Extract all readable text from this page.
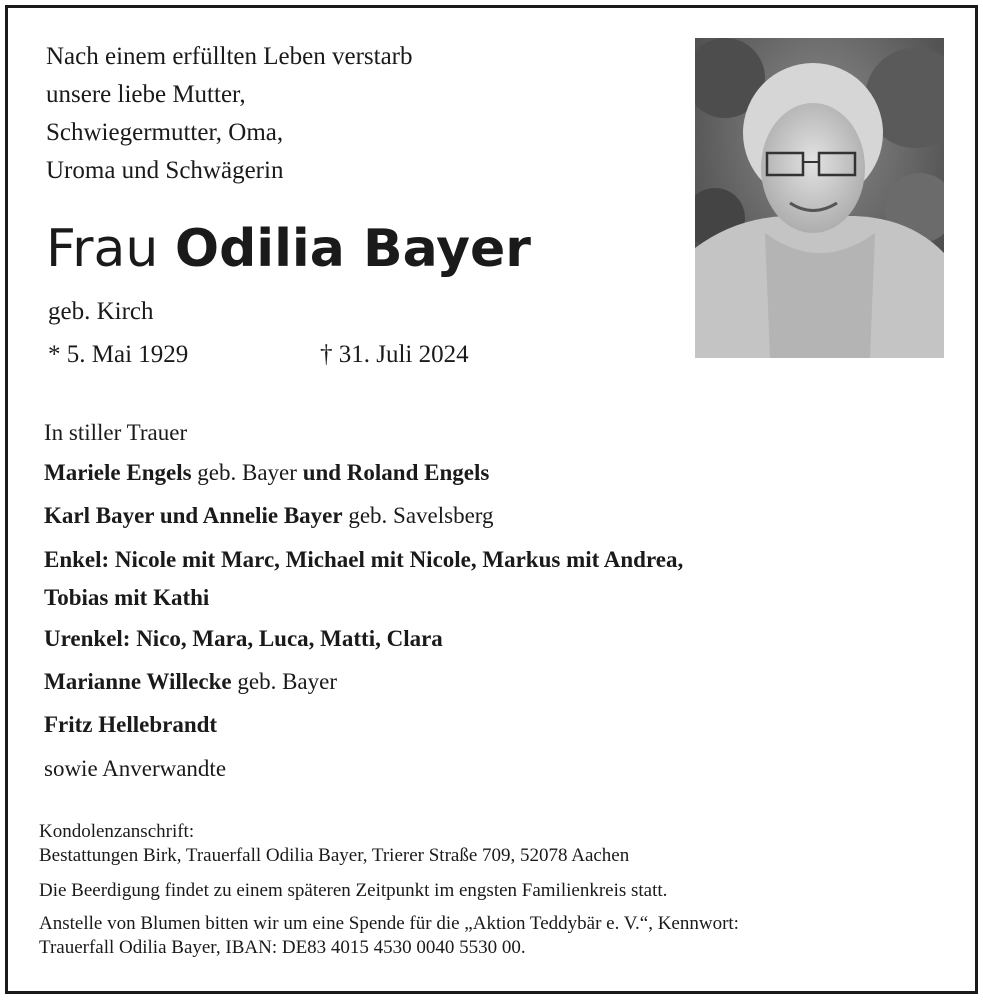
Nach einem erfüllten Leben verstarb
unsere liebe Mutter,
Schwiegermutter, Oma,
Uroma und Schwägerin
Frau Odilia Bayer
geb. Kirch
* 5. Mai 1929	† 31. Juli 2024
In stiller Trauer
Mariele Engels geb. Bayer und Roland Engels
Karl Bayer und Annelie Bayer geb. Savelsberg
Enkel: Nicole mit Marc, Michael mit Nicole, Markus mit Andrea,
Tobias mit Kathi
Urenkel: Nico, Mara, Luca, Matti, Clara
Marianne Willecke geb. Bayer
Fritz Hellebrandt
sowie Anverwandte
Kondolenzanschrift:
Bestattungen Birk, Trauerfall Odilia Bayer, Trierer Straße 709, 52078 Aachen
Die Beerdigung findet zu einem späteren Zeitpunkt im engsten Familienkreis statt.
Anstelle von Blumen bitten wir um eine Spende für die „Aktion Teddybär e. V.“, Kennwort:
Trauerfall Odilia Bayer, IBAN: DE83 4015 4530 0040 5530 00.
